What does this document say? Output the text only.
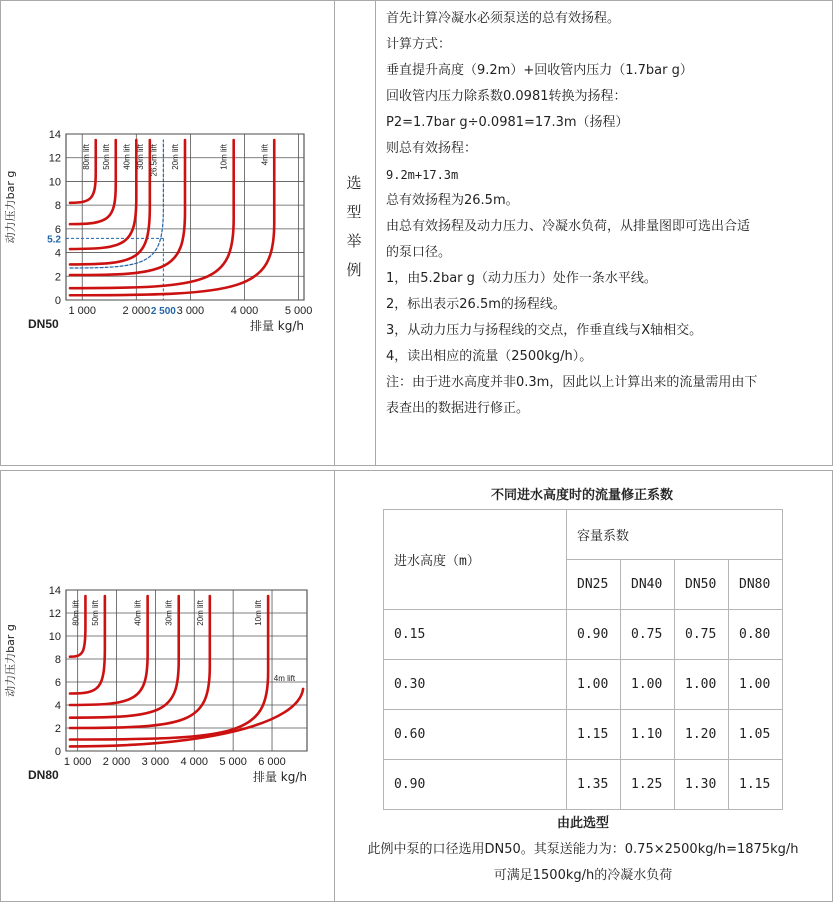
0
2
4
6
8
10
12
14
1 000 2 000 3 000 4 000 5 000
动力压力bar g
排量 kg/h
DN50
5.2
2 500
80m lift 50m lift 40m lift 30m lift 26.5m lift 20m lift	10m lift	4m lift
0
2
4
6
8
10
12
14
1 000 2 000 3 000 4 000 5 000 6 000
动力压力bar g
排量 kg/h
DN80
80m lift 50m lift	40m lift	30m lift	20m lift	10m lift
4m lift
选型举例
首先计算冷凝水必须泵送的总有效扬程。
计算方式：
垂直提升高度（9.2m）+回收管内压力（1.7bar g）
回收管内压力除系数0.0981转换为扬程：
P2=1.7bar g÷0.0981=17.3m（扬程）
则总有效扬程：
9.2m+17.3m
总有效扬程为26.5m。
由总有效扬程及动力压力、冷凝水负荷，从排量图即可选出合适
的泵口径。
1，由5.2bar g（动力压力）处作一条水平线。
2，标出表示26.5m的扬程线。
3，从动力压力与扬程线的交点，作垂直线与X轴相交。
4，读出相应的流量（2500kg/h）。
注：由于进水高度并非0.3m，因此以上计算出来的流量需用由下
表查出的数据进行修正。
不同进水高度时的流量修正系数
进水高度（m）	容量系数			
	DN25	DN40	DN50	DN80
0.15	0.90	0.75	0.75	0.80
0.30	1.00	1.00	1.00	1.00
0.60	1.15	1.10	1.20	1.05
0.90	1.35	1.25	1.30	1.15
由此选型
此例中泵的口径选用DN50。其泵送能力为：0.75×2500kg/h=1875kg/h
可满足1500kg/h的冷凝水负荷
